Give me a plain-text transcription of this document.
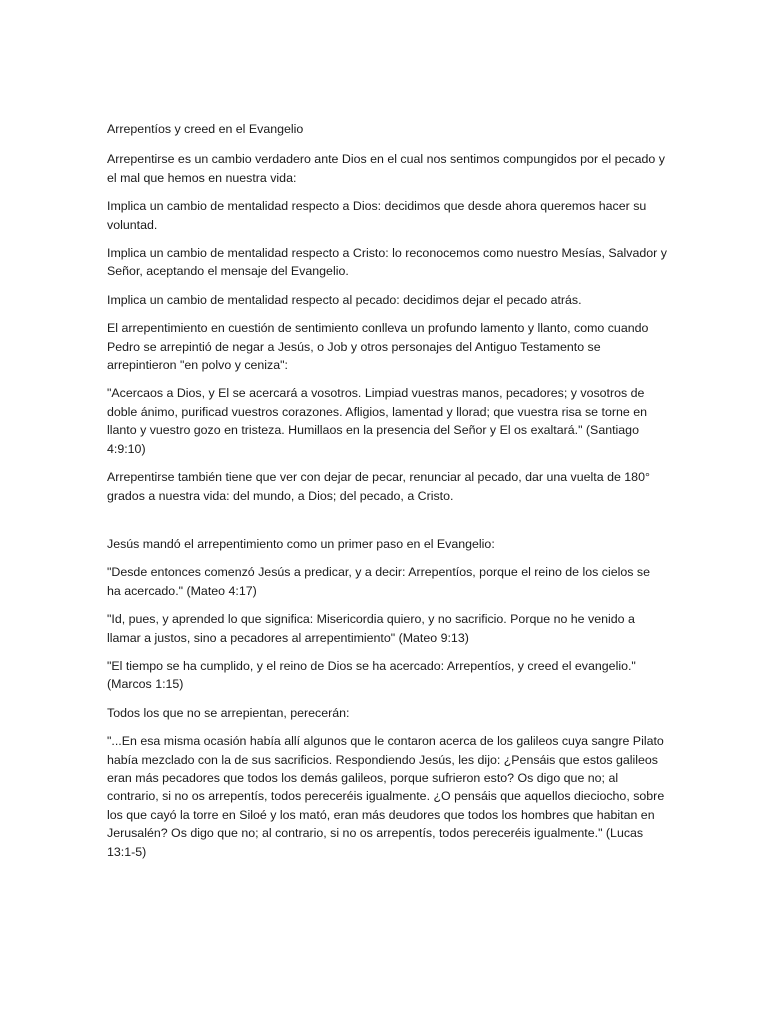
Arrepentíos y creed en el Evangelio

Arrepentirse es un cambio verdadero ante Dios en el cual nos sentimos compungidos por el pecado y el mal que hemos en nuestra vida:

Implica un cambio de mentalidad respecto a Dios: decidimos que desde ahora queremos hacer su voluntad.

Implica un cambio de mentalidad respecto a Cristo: lo reconocemos como nuestro Mesías, Salvador y Señor, aceptando el mensaje del Evangelio.

Implica un cambio de mentalidad respecto al pecado: decidimos dejar el pecado atrás.

El arrepentimiento en cuestión de sentimiento conlleva un profundo lamento y llanto, como cuando Pedro se arrepintió de negar a Jesús, o Job y otros personajes del Antiguo Testamento se arrepintieron "en polvo y ceniza":

"Acercaos a Dios, y El se acercará a vosotros. Limpiad vuestras manos, pecadores; y vosotros de doble ánimo, purificad vuestros corazones. Afligios, lamentad y llorad; que vuestra risa se torne en llanto y vuestro gozo en tristeza. Humillaos en la presencia del Señor y El os exaltará." (Santiago 4:9:10)

Arrepentirse también tiene que ver con dejar de pecar, renunciar al pecado, dar una vuelta de 180° grados a nuestra vida: del mundo, a Dios; del pecado, a Cristo.

Jesús mandó el arrepentimiento como un primer paso en el Evangelio:

"Desde entonces comenzó Jesús a predicar, y a decir: Arrepentíos, porque el reino de los cielos se ha acercado." (Mateo 4:17)

"Id, pues, y aprended lo que significa: Misericordia quiero, y no sacrificio. Porque no he venido a llamar a justos, sino a pecadores al arrepentimiento" (Mateo 9:13)

"El tiempo se ha cumplido, y el reino de Dios se ha acercado: Arrepentíos, y creed el evangelio." (Marcos 1:15)

Todos los que no se arrepientan, perecerán:

"...En esa misma ocasión había allí algunos que le contaron acerca de los galileos cuya sangre Pilato había mezclado con la de sus sacrificios. Respondiendo Jesús, les dijo: ¿Pensáis que estos galileos eran más pecadores que todos los demás galileos, porque sufrieron esto? Os digo que no; al contrario, si no os arrepentís, todos pereceréis igualmente. ¿O pensáis que aquellos dieciocho, sobre los que cayó la torre en Siloé y los mató, eran más deudores que todos los hombres que habitan en Jerusalén? Os digo que no; al contrario, si no os arrepentís, todos pereceréis igualmente." (Lucas 13:1-5)
